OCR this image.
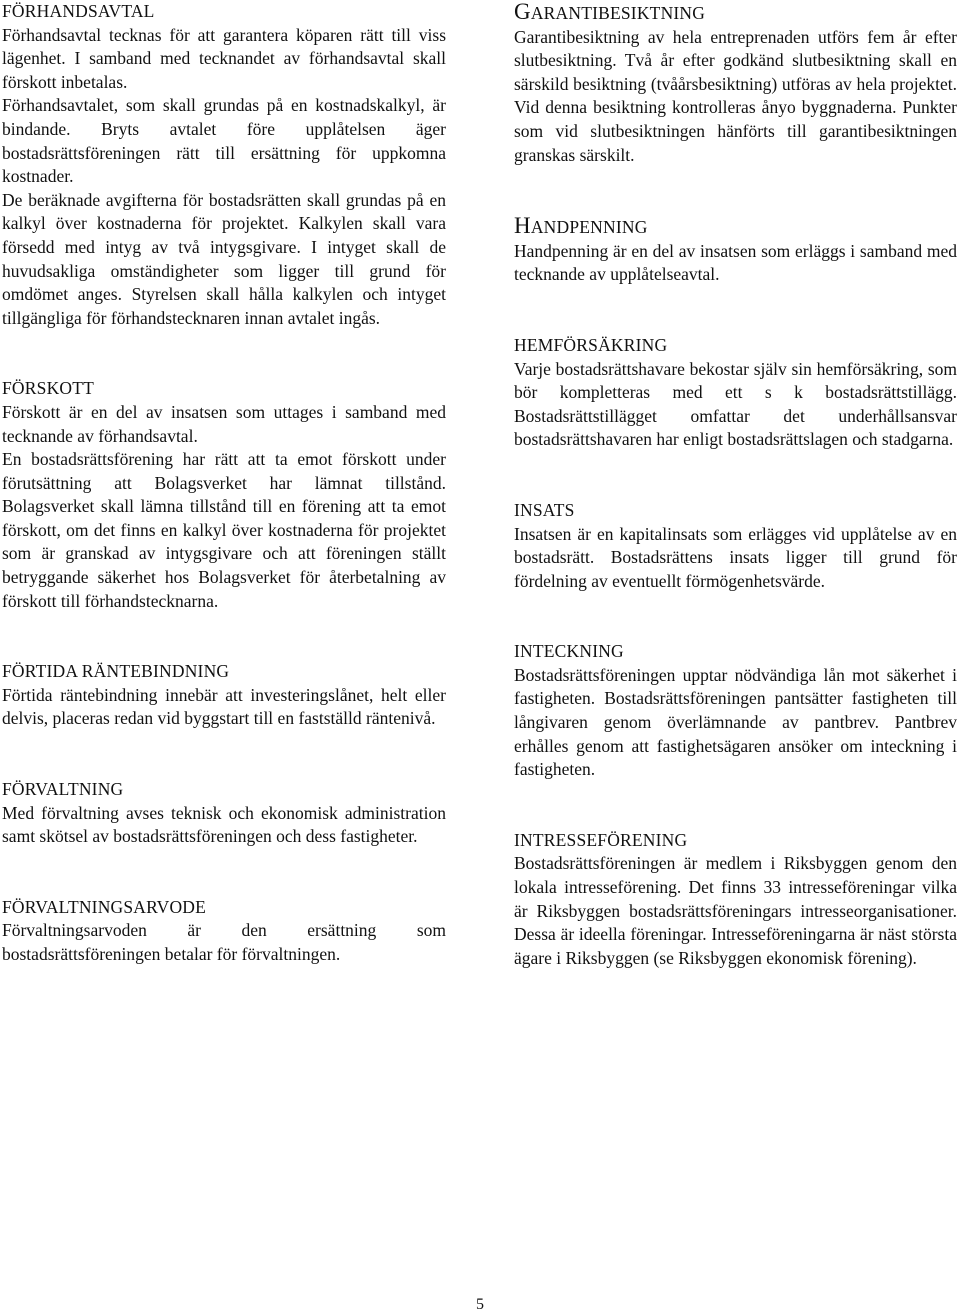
FÖRHANDSAVTAL

Förhandsavtal tecknas för att garantera köparen rätt till viss lägenhet. I samband med tecknandet av förhandsavtal skall förskott inbetalas.

Förhandsavtalet, som skall grundas på en kostnadskalkyl, är bindande. Bryts avtalet före upplåtelsen äger bostadsrättsföreningen rätt till ersättning för uppkomna kostnader.

De beräknade avgifterna för bostadsrätten skall grundas på en kalkyl över kostnaderna för projektet. Kalkylen skall vara försedd med intyg av två intygsgivare. I intyget skall de huvudsakliga omständigheter som ligger till grund för omdömet anges. Styrelsen skall hålla kalkylen och intyget tillgängliga för förhandstecknaren innan avtalet ingås.

FÖRSKOTT

Förskott är en del av insatsen som uttages i samband med tecknande av förhandsavtal.

En bostadsrättsförening har rätt att ta emot förskott under förutsättning att Bolagsverket har lämnat tillstånd. Bolagsverket skall lämna tillstånd till en förening att ta emot förskott, om det finns en kalkyl över kostnaderna för projektet som är granskad av intygsgivare och att föreningen ställt betryggande säkerhet hos Bolagsverket för återbetalning av förskott till förhandstecknarna.

FÖRTIDA RÄNTEBINDNING

Förtida räntebindning innebär att investeringslånet, helt eller delvis, placeras redan vid byggstart till en fastställd räntenivå.

FÖRVALTNING

Med förvaltning avses teknisk och ekonomisk administration samt skötsel av bostadsrättsföreningen och dess fastigheter.

FÖRVALTNINGSARVODE

Förvaltningsarvoden är den ersättning som bostadsrättsföreningen betalar för förvaltningen.

GARANTIBESIKTNING

Garantibesiktning av hela entreprenaden utförs fem år efter slutbesiktning. Två år efter godkänd slutbesiktning skall en särskild besiktning (tvåårsbesiktning) utföras av hela projektet. Vid denna besiktning kontrolleras ånyo byggnaderna. Punkter som vid slutbesiktningen hänförts till garantibesiktningen granskas särskilt.

HANDPENNING

Handpenning är en del av insatsen som erläggs i samband med tecknande av upplåtelseavtal.

HEMFÖRSÄKRING

Varje bostadsrättshavare bekostar själv sin hemförsäkring, som bör kompletteras med ett s k bostadsrättstillägg. Bostadsrättstillägget omfattar det underhållsansvar bostadsrättshavaren har enligt bostadsrättslagen och stadgarna.

INSATS

Insatsen är en kapitalinsats som erlägges vid upplåtelse av en bostadsrätt. Bostadsrättens insats ligger till grund för fördelning av eventuellt förmögenhetsvärde.

INTECKNING

Bostadsrättsföreningen upptar nödvändiga lån mot säkerhet i fastigheten. Bostadsrättsföreningen pantsätter fastigheten till långivaren genom överlämnande av pantbrev. Pantbrev erhålles genom att fastighetsägaren ansöker om inteckning i fastigheten.

INTRESSEFÖRENING

Bostadsrättsföreningen är medlem i Riksbyggen genom den lokala intresseförening. Det finns 33 intresseföreningar vilka är Riksbyggen bostadsrättsföreningars intresseorganisationer. Dessa är ideella föreningar. Intresseföreningarna är näst största ägare i Riksbyggen (se Riksbyggen ekonomisk förening).

5
